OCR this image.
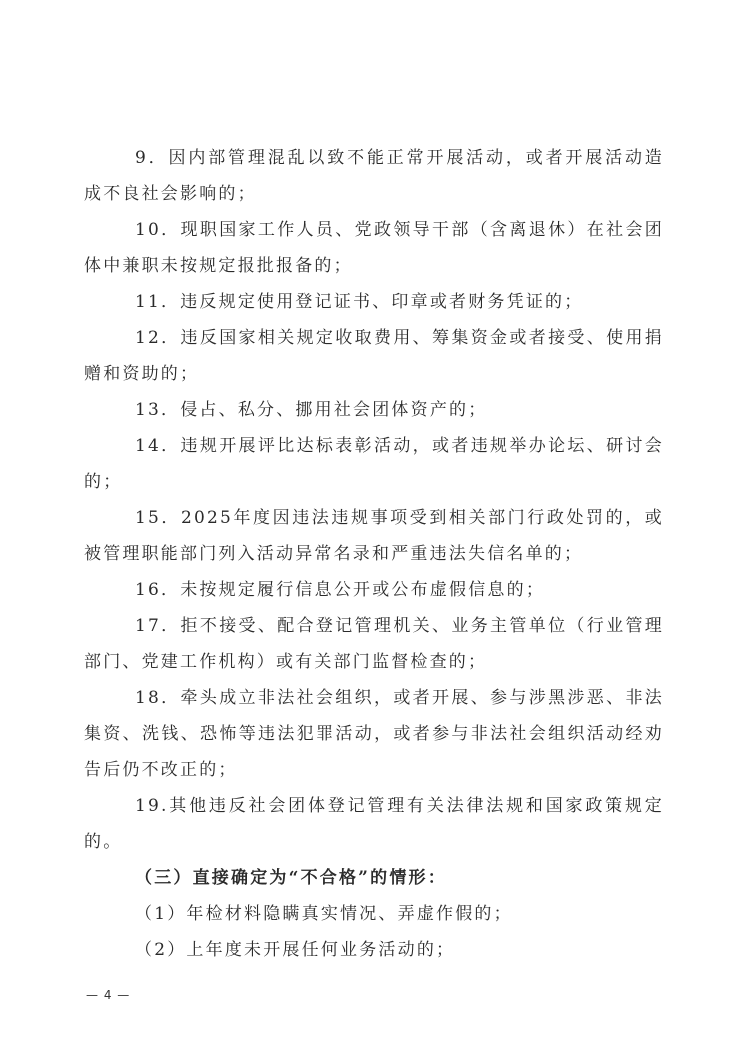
9．因内部管理混乱以致不能正常开展活动，或者开展活动造成不良社会影响的；

10．现职国家工作人员、党政领导干部（含离退休）在社会团体中兼职未按规定报批报备的；

11．违反规定使用登记证书、印章或者财务凭证的；

12．违反国家相关规定收取费用、筹集资金或者接受、使用捐赠和资助的；

13．侵占、私分、挪用社会团体资产的；

14．违规开展评比达标表彰活动，或者违规举办论坛、研讨会的；

15．2025年度因违法违规事项受到相关部门行政处罚的，或被管理职能部门列入活动异常名录和严重违法失信名单的；

16．未按规定履行信息公开或公布虚假信息的；

17．拒不接受、配合登记管理机关、业务主管单位（行业管理部门、党建工作机构）或有关部门监督检查的；

18．牵头成立非法社会组织，或者开展、参与涉黑涉恶、非法集资、洗钱、恐怖等违法犯罪活动，或者参与非法社会组织活动经劝告后仍不改正的；

19.其他违反社会团体登记管理有关法律法规和国家政策规定的。

（三）直接确定为“不合格”的情形：

（1）年检材料隐瞒真实情况、弄虚作假的；

（2）上年度未开展任何业务活动的；

— 4 —
